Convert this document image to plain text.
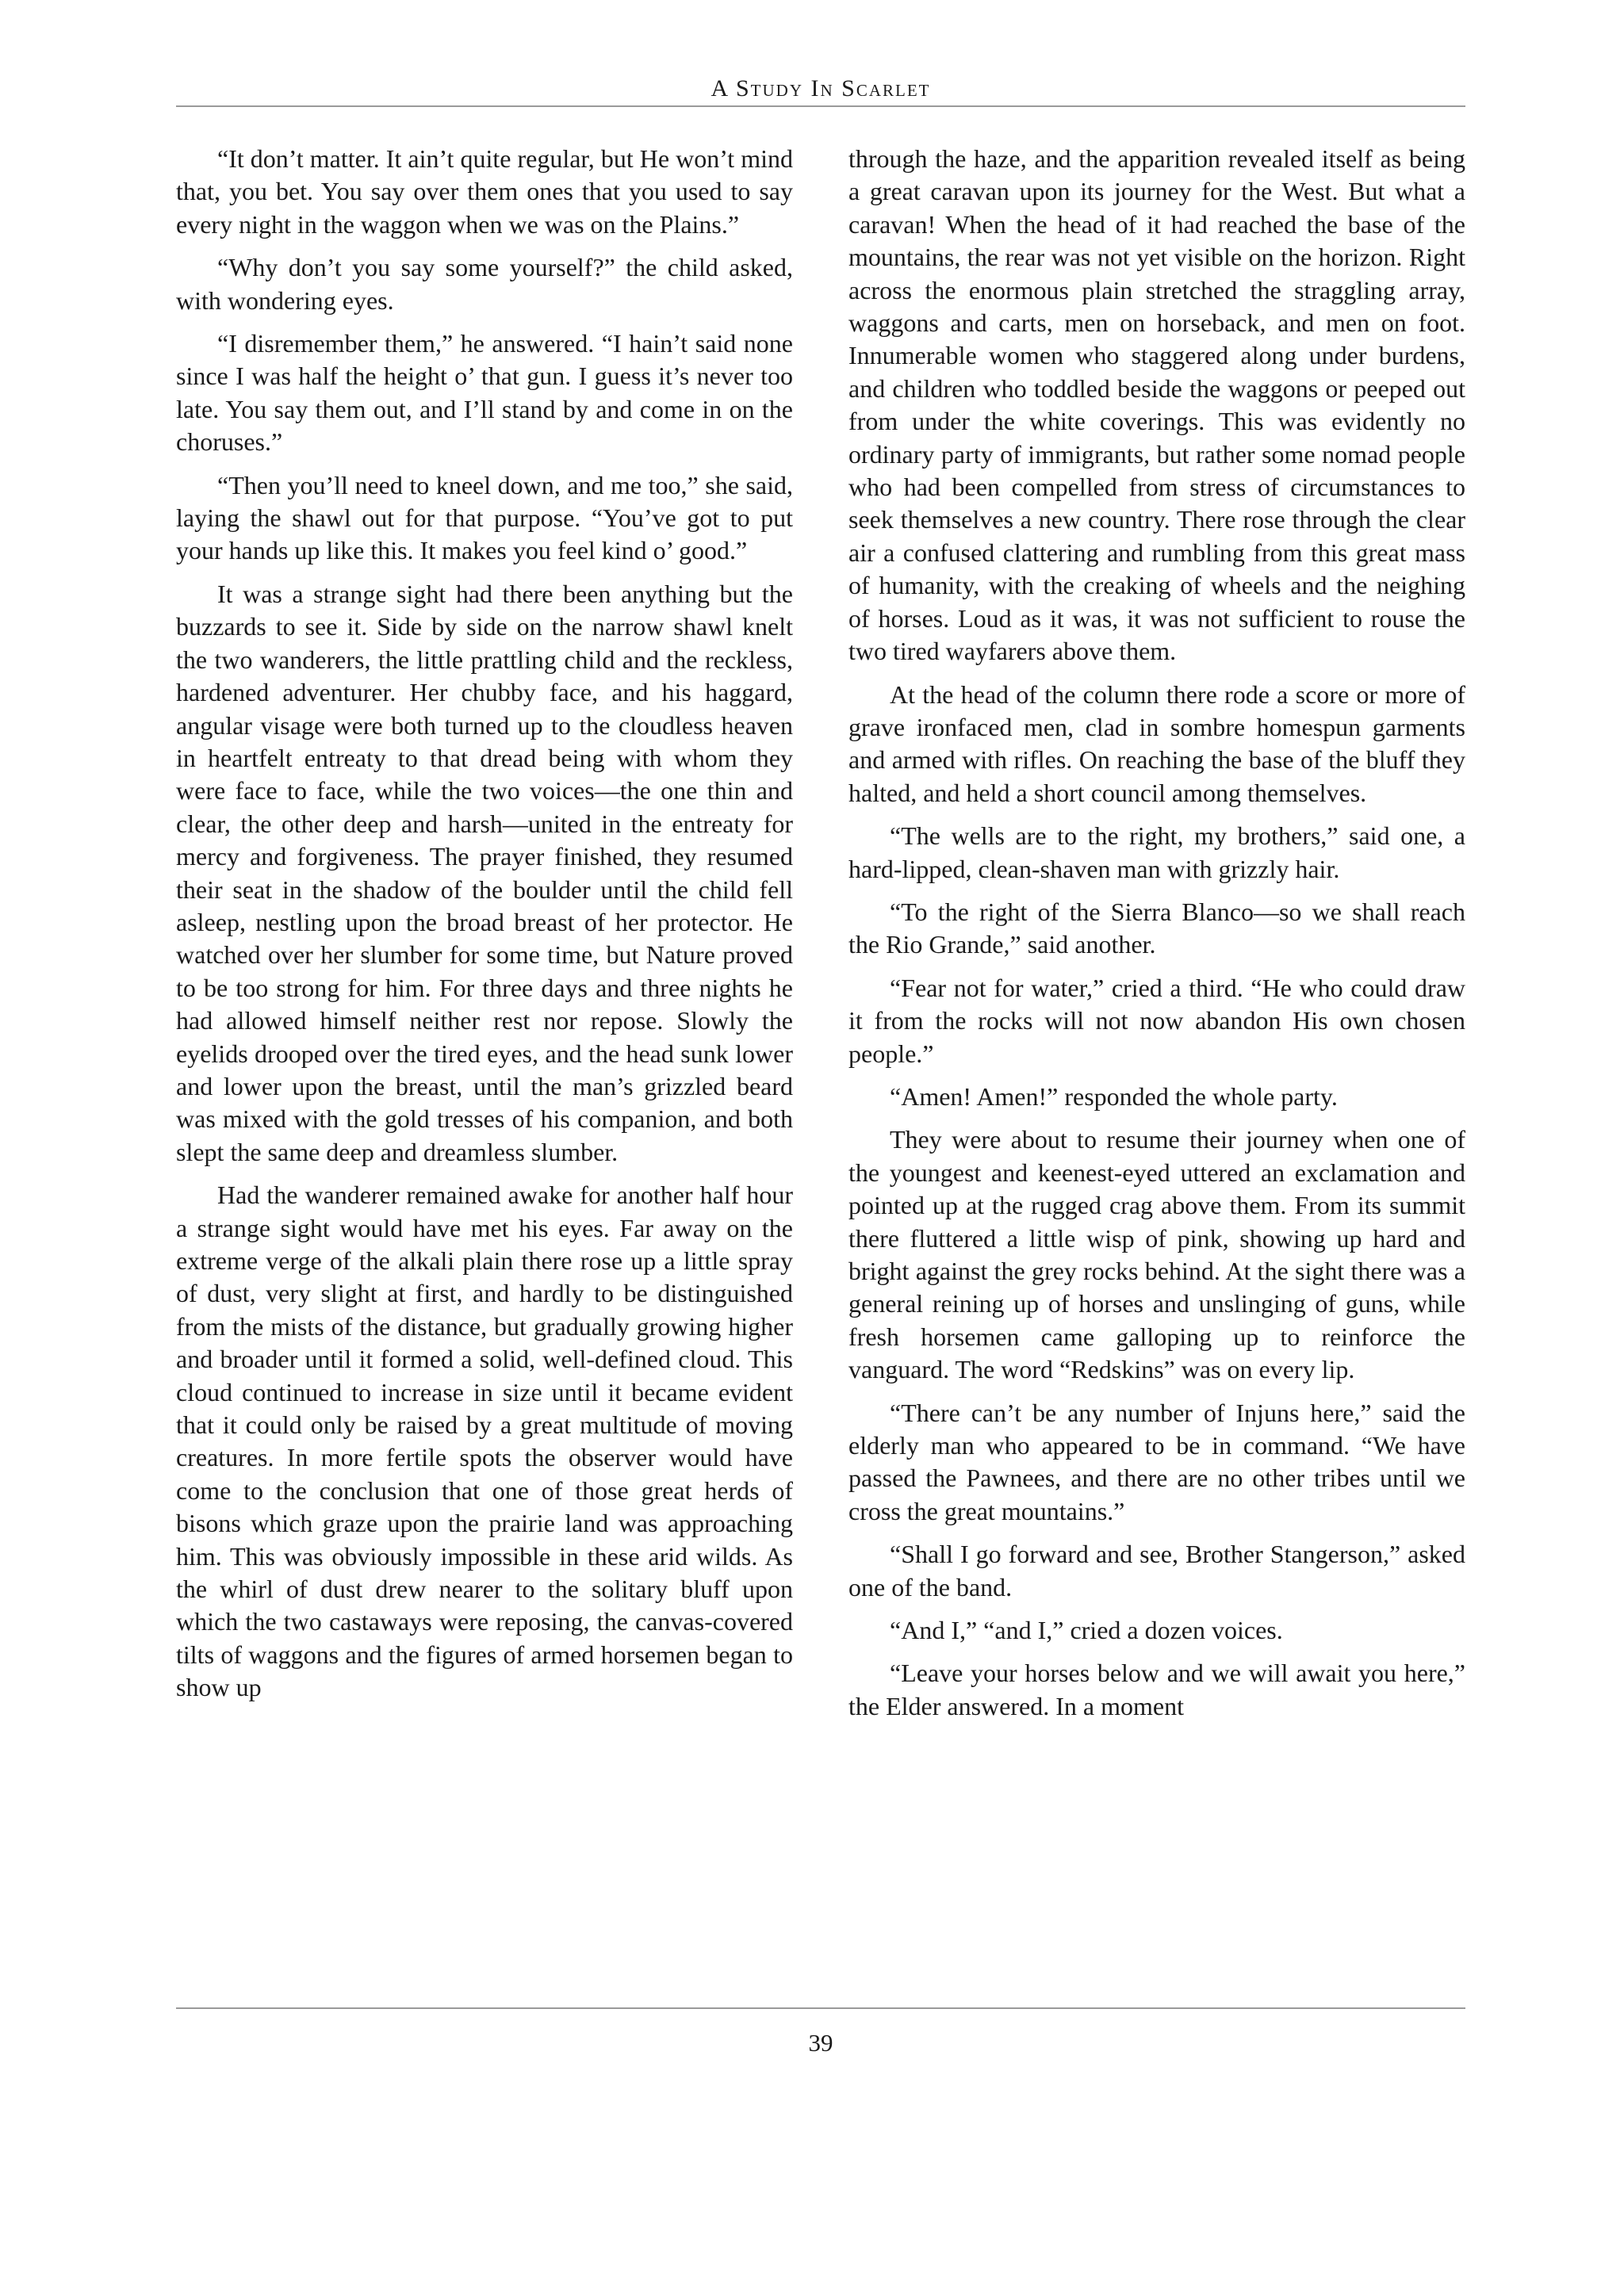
A Study In Scarlet

“It don’t matter. It ain’t quite regular, but He won’t mind that, you bet. You say over them ones that you used to say every night in the waggon when we was on the Plains.”

“Why don’t you say some yourself?” the child asked, with wondering eyes.

“I disremember them,” he answered. “I hain’t said none since I was half the height o’ that gun. I guess it’s never too late. You say them out, and I’ll stand by and come in on the choruses.”

“Then you’ll need to kneel down, and me too,” she said, laying the shawl out for that purpose. “You’ve got to put your hands up like this. It makes you feel kind o’ good.”

It was a strange sight had there been anything but the buzzards to see it. Side by side on the narrow shawl knelt the two wanderers, the little prattling child and the reckless, hardened adventurer. Her chubby face, and his haggard, angular visage were both turned up to the cloudless heaven in heartfelt entreaty to that dread being with whom they were face to face, while the two voices—the one thin and clear, the other deep and harsh—united in the entreaty for mercy and forgiveness. The prayer finished, they resumed their seat in the shadow of the boulder until the child fell asleep, nestling upon the broad breast of her protector. He watched over her slumber for some time, but Nature proved to be too strong for him. For three days and three nights he had allowed himself neither rest nor repose. Slowly the eyelids drooped over the tired eyes, and the head sunk lower and lower upon the breast, until the man’s grizzled beard was mixed with the gold tresses of his companion, and both slept the same deep and dreamless slumber.

Had the wanderer remained awake for another half hour a strange sight would have met his eyes. Far away on the extreme verge of the alkali plain there rose up a little spray of dust, very slight at first, and hardly to be distinguished from the mists of the distance, but gradually growing higher and broader until it formed a solid, well-defined cloud. This cloud continued to increase in size until it became evident that it could only be raised by a great multitude of moving creatures. In more fertile spots the observer would have come to the conclusion that one of those great herds of bisons which graze upon the prairie land was approaching him. This was obviously impossible in these arid wilds. As the whirl of dust drew nearer to the solitary bluff upon which the two castaways were reposing, the canvas-covered tilts of waggons and the figures of armed horsemen began to show up

through the haze, and the apparition revealed itself as being a great caravan upon its journey for the West. But what a caravan! When the head of it had reached the base of the mountains, the rear was not yet visible on the horizon. Right across the enormous plain stretched the straggling array, waggons and carts, men on horseback, and men on foot. Innumerable women who staggered along under burdens, and children who toddled beside the waggons or peeped out from under the white coverings. This was evidently no ordinary party of immigrants, but rather some nomad people who had been compelled from stress of circumstances to seek themselves a new country. There rose through the clear air a confused clattering and rumbling from this great mass of humanity, with the creaking of wheels and the neighing of horses. Loud as it was, it was not sufficient to rouse the two tired wayfarers above them.

At the head of the column there rode a score or more of grave ironfaced men, clad in sombre homespun garments and armed with rifles. On reaching the base of the bluff they halted, and held a short council among themselves.

“The wells are to the right, my brothers,” said one, a hard-lipped, clean-shaven man with grizzly hair.

“To the right of the Sierra Blanco—so we shall reach the Rio Grande,” said another.

“Fear not for water,” cried a third. “He who could draw it from the rocks will not now abandon His own chosen people.”

“Amen! Amen!” responded the whole party.

They were about to resume their journey when one of the youngest and keenest-eyed uttered an exclamation and pointed up at the rugged crag above them. From its summit there fluttered a little wisp of pink, showing up hard and bright against the grey rocks behind. At the sight there was a general reining up of horses and unslinging of guns, while fresh horsemen came galloping up to reinforce the vanguard. The word “Redskins” was on every lip.

“There can’t be any number of Injuns here,” said the elderly man who appeared to be in command. “We have passed the Pawnees, and there are no other tribes until we cross the great mountains.”

“Shall I go forward and see, Brother Stangerson,” asked one of the band.

“And I,” “and I,” cried a dozen voices.

“Leave your horses below and we will await you here,” the Elder answered. In a moment

39
